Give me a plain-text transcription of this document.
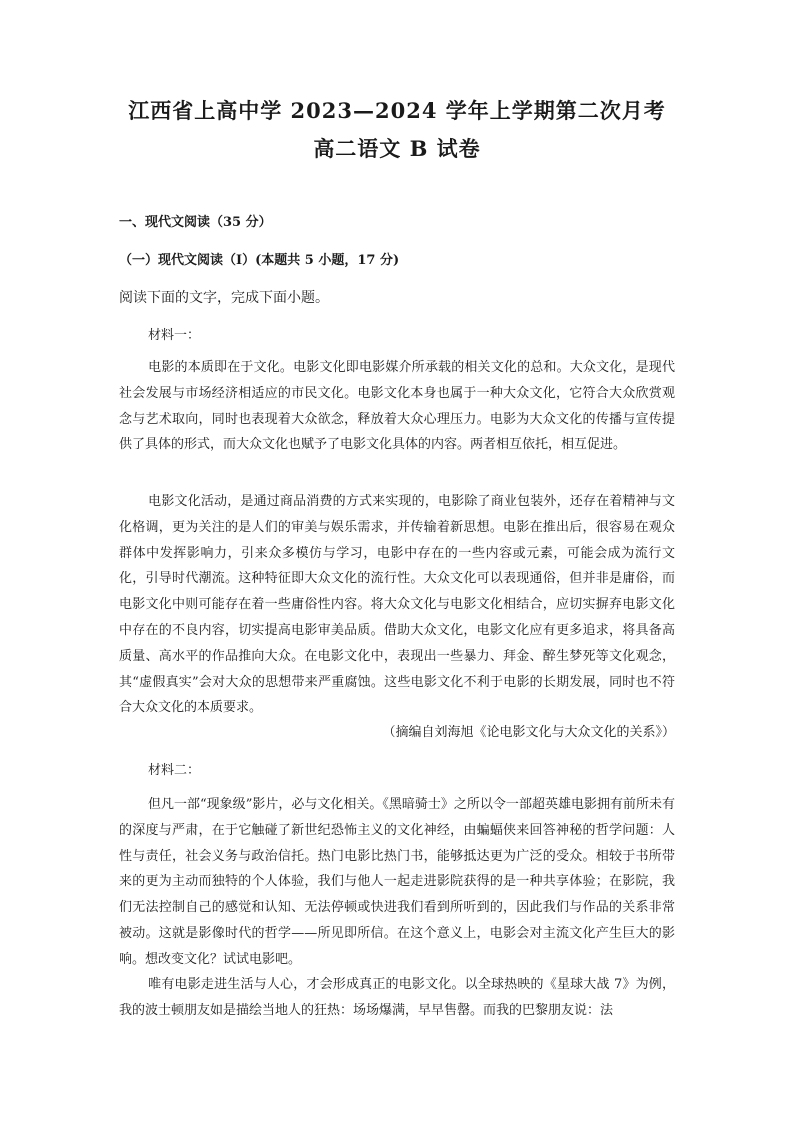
江西省上高中学 2023—2024 学年上学期第二次月考
高二语文 B 试卷
一、现代文阅读（35 分）
（一）现代文阅读（Ⅰ）(本题共 5 小题，17 分)
阅读下面的文字，完成下面小题。
材料一：
电影的本质即在于文化。电影文化即电影媒介所承载的相关文化的总和。大众文化，是现代社会发展与市场经济相适应的市民文化。电影文化本身也属于一种大众文化，它符合大众欣赏观念与艺术取向，同时也表现着大众欲念，释放着大众心理压力。电影为大众文化的传播与宣传提供了具体的形式，而大众文化也赋予了电影文化具体的内容。两者相互依托，相互促进。
电影文化活动，是通过商品消费的方式来实现的，电影除了商业包装外，还存在着精神与文化格调，更为关注的是人们的审美与娱乐需求，并传输着新思想。电影在推出后，很容易在观众群体中发挥影响力，引来众多模仿与学习，电影中存在的一些内容或元素，可能会成为流行文化，引导时代潮流。这种特征即大众文化的流行性。大众文化可以表现通俗，但并非是庸俗，而电影文化中则可能存在着一些庸俗性内容。将大众文化与电影文化相结合，应切实摒弃电影文化中存在的不良内容，切实提高电影审美品质。借助大众文化，电影文化应有更多追求，将具备高质量、高水平的作品推向大众。在电影文化中，表现出一些暴力、拜金、醉生梦死等文化观念，其“虚假真实”会对大众的思想带来严重腐蚀。这些电影文化不利于电影的长期发展，同时也不符合大众文化的本质要求。
（摘编自刘海旭《论电影文化与大众文化的关系》）
材料二：
但凡一部“现象级”影片，必与文化相关。《黑暗骑士》之所以令一部超英雄电影拥有前所未有的深度与严肃，在于它触碰了新世纪恐怖主义的文化神经，由蝙蝠侠来回答神秘的哲学问题：人性与责任，社会义务与政治信托。热门电影比热门书，能够抵达更为广泛的受众。相较于书所带来的更为主动而独特的个人体验，我们与他人一起走进影院获得的是一种共享体验；在影院，我们无法控制自己的感觉和认知、无法停顿或快进我们看到所听到的，因此我们与作品的关系非常被动。这就是影像时代的哲学——所见即所信。在这个意义上，电影会对主流文化产生巨大的影响。想改变文化？试试电影吧。
唯有电影走进生活与人心，才会形成真正的电影文化。以全球热映的《星球大战 7》为例，我的波士顿朋友如是描绘当地人的狂热：场场爆满，早早售罄。而我的巴黎朋友说：法
